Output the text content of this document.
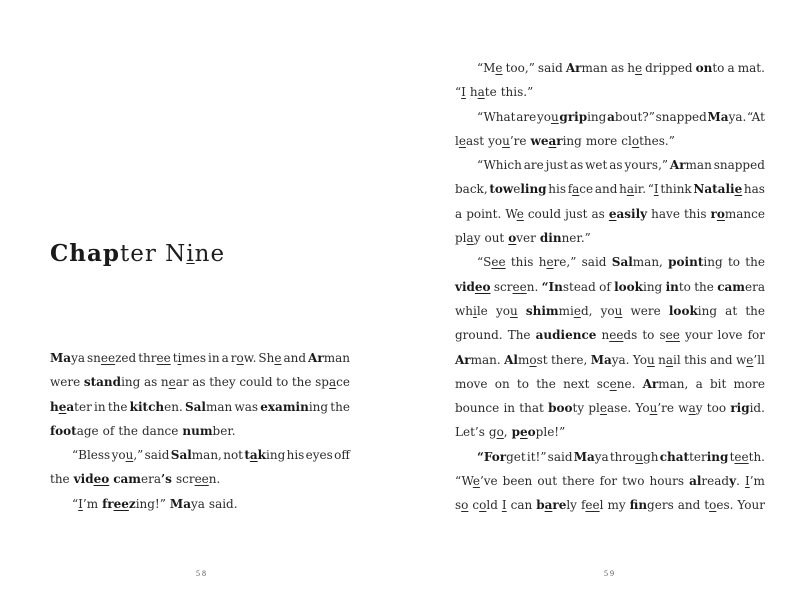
Chapter Nine
Maya sneezed three times in a row. She and Arman
were standing as near as they could to the space
heater in the kitchen. Salman was examining the
footage of the dance number.
“Bless you,” said Salman, not taking his eyes off
the video camera’s screen.
“I’m freezing!” Maya said.
58
“Me too,” said Arman as he dripped onto a mat.
“I hate this.”
“What are you griping about?” snapped Maya. “At
least you’re wearing more clothes.”
“Which are just as wet as yours,” Arman snapped
back, toweling his face and hair. “I think Natalie has
a point. We could just as easily have this romance
play out over dinner.”
“See this here,” said Salman, pointing to the
video screen. “Instead of looking into the camera
while you shimmied, you were looking at the
ground. The audience needs to see your love for
Arman. Almost there, Maya. You nail this and we’ll
move on to the next scene. Arman, a bit more
bounce in that booty please. You’re way too rigid.
Let’s go, people!”
“Forget it!” said Maya through chattering teeth.
“We’ve been out there for two hours already. I’m
so cold I can barely feel my fingers and toes. Your
59
